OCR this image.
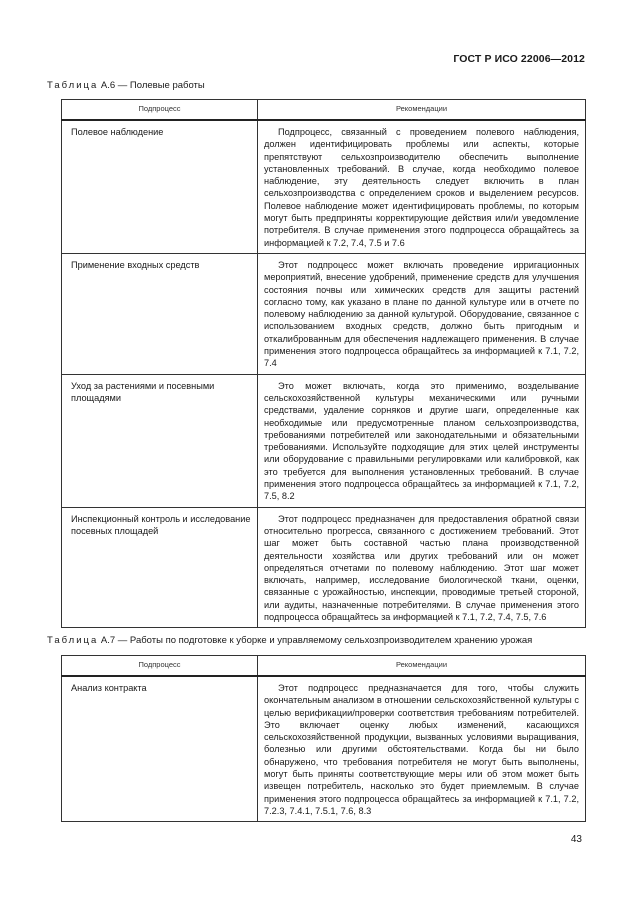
ГОСТ Р ИСО 22006—2012
Таблица А.6 — Полевые работы
Подпроцесс	Рекомендации
Полевое наблюдение	Подпроцесс, связанный с проведением полевого наблюдения, должен идентифицировать проблемы или аспекты, которые препятствуют сельхозпроизводителю обеспечить выполнение установленных требований. В случае, когда необходимо полевое наблюдение, эту деятельность следует включить в план сельхозпроизводства с определением сроков и выделением ресурсов. Полевое наблюдение может идентифицировать проблемы, по которым могут быть предприняты корректирующие действия или/и уведомление потребителя. В случае применения этого подпроцесса обращайтесь за информацией к 7.2, 7.4, 7.5 и 7.6
Применение входных средств	Этот подпроцесс может включать проведение ирригационных мероприятий, внесение удобрений, применение средств для улучшения состояния почвы или химических средств для защиты растений согласно тому, как указано в плане по данной культуре или в отчете по полевому наблюдению за данной культурой. Оборудование, связанное с использованием входных средств, должно быть пригодным и откалиброванным для обеспечения надлежащего применения. В случае применения этого подпроцесса обращайтесь за информацией к 7.1, 7.2, 7.4
Уход за растениями и посевными площадями	Это может включать, когда это применимо, возделывание сельскохозяйственной культуры механическими или ручными средствами, удаление сорняков и другие шаги, определенные как необходимые или предусмотренные планом сельхозпроизводства, требованиями потребителей или законодательными и обязательными требованиями. Используйте подходящие для этих целей инструменты или оборудование с правильными регулировками или калибровкой, как это требуется для выполнения установленных требований. В случае применения этого подпроцесса обращайтесь за информацией к 7.1, 7.2, 7.5, 8.2
Инспекционный контроль и исследование посевных площадей	Этот подпроцесс предназначен для предоставления обратной связи относительно прогресса, связанного с достижением требований. Этот шаг может быть составной частью плана производственной деятельности хозяйства или других требований или он может определяться отчетами по полевому наблюдению. Этот шаг может включать, например, исследование биологической ткани, оценки, связанные с урожайностью, инспекции, проводимые третьей стороной, или аудиты, назначенные потребителями. В случае применения этого подпроцесса обращайтесь за информацией к 7.1, 7.2, 7.4, 7.5, 7.6
Таблица А.7 — Работы по подготовке к уборке и управляемому сельхозпроизводителем хранению урожая
Подпроцесс	Рекомендации
Анализ контракта	Этот подпроцесс предназначается для того, чтобы служить окончательным анализом в отношении сельскохозяйственной культуры с целью верификации/проверки соответствия требованиям потребителей. Это включает оценку любых изменений, касающихся сельскохозяйственной продукции, вызванных условиями выращивания, болезнью или другими обстоятельствами. Когда бы ни было обнаружено, что требования потребителя не могут быть выполнены, могут быть приняты соответствующие меры или об этом может быть извещен потребитель, насколько это будет приемлемым. В случае применения этого подпроцесса обращайтесь за информацией к 7.1, 7.2, 7.2.3, 7.4.1, 7.5.1, 7.6, 8.3
43
